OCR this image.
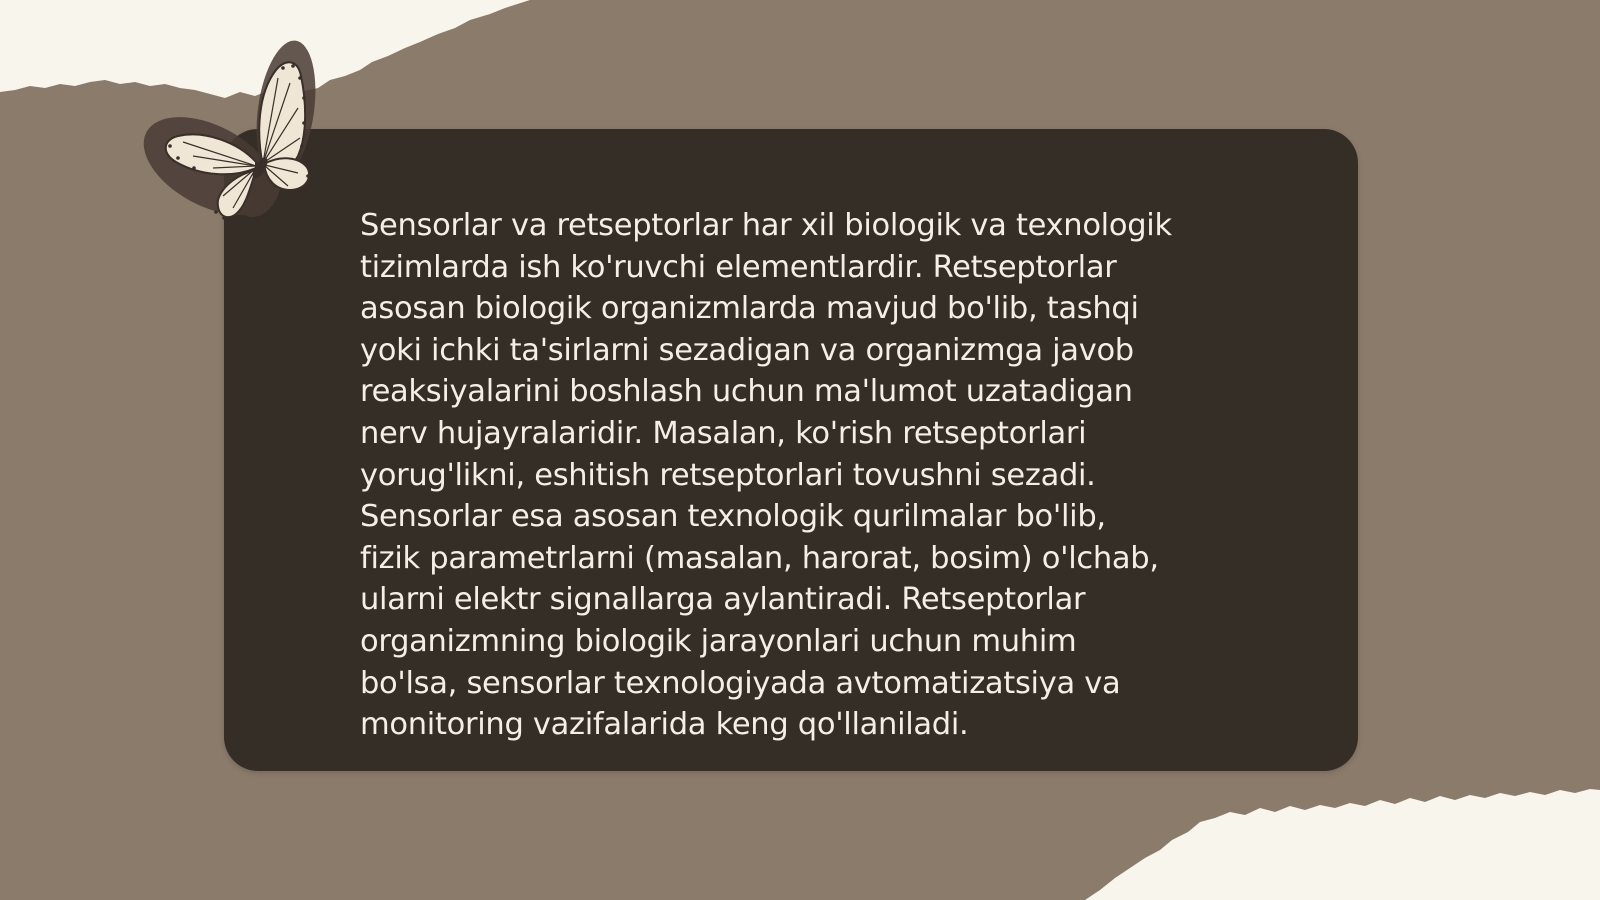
Sensorlar va retseptorlar har xil biologik va texnologik
tizimlarda ish ko'ruvchi elementlardir. Retseptorlar
asosan biologik organizmlarda mavjud bo'lib, tashqi
yoki ichki ta'sirlarni sezadigan va organizmga javob
reaksiyalarini boshlash uchun ma'lumot uzatadigan
nerv hujayralaridir. Masalan, ko'rish retseptorlari
yorug'likni, eshitish retseptorlari tovushni sezadi.
Sensorlar esa asosan texnologik qurilmalar bo'lib,
fizik parametrlarni (masalan, harorat, bosim) o'lchab,
ularni elektr signallarga aylantiradi. Retseptorlar
organizmning biologik jarayonlari uchun muhim
bo'lsa, sensorlar texnologiyada avtomatizatsiya va
monitoring vazifalarida keng qo'llaniladi.
